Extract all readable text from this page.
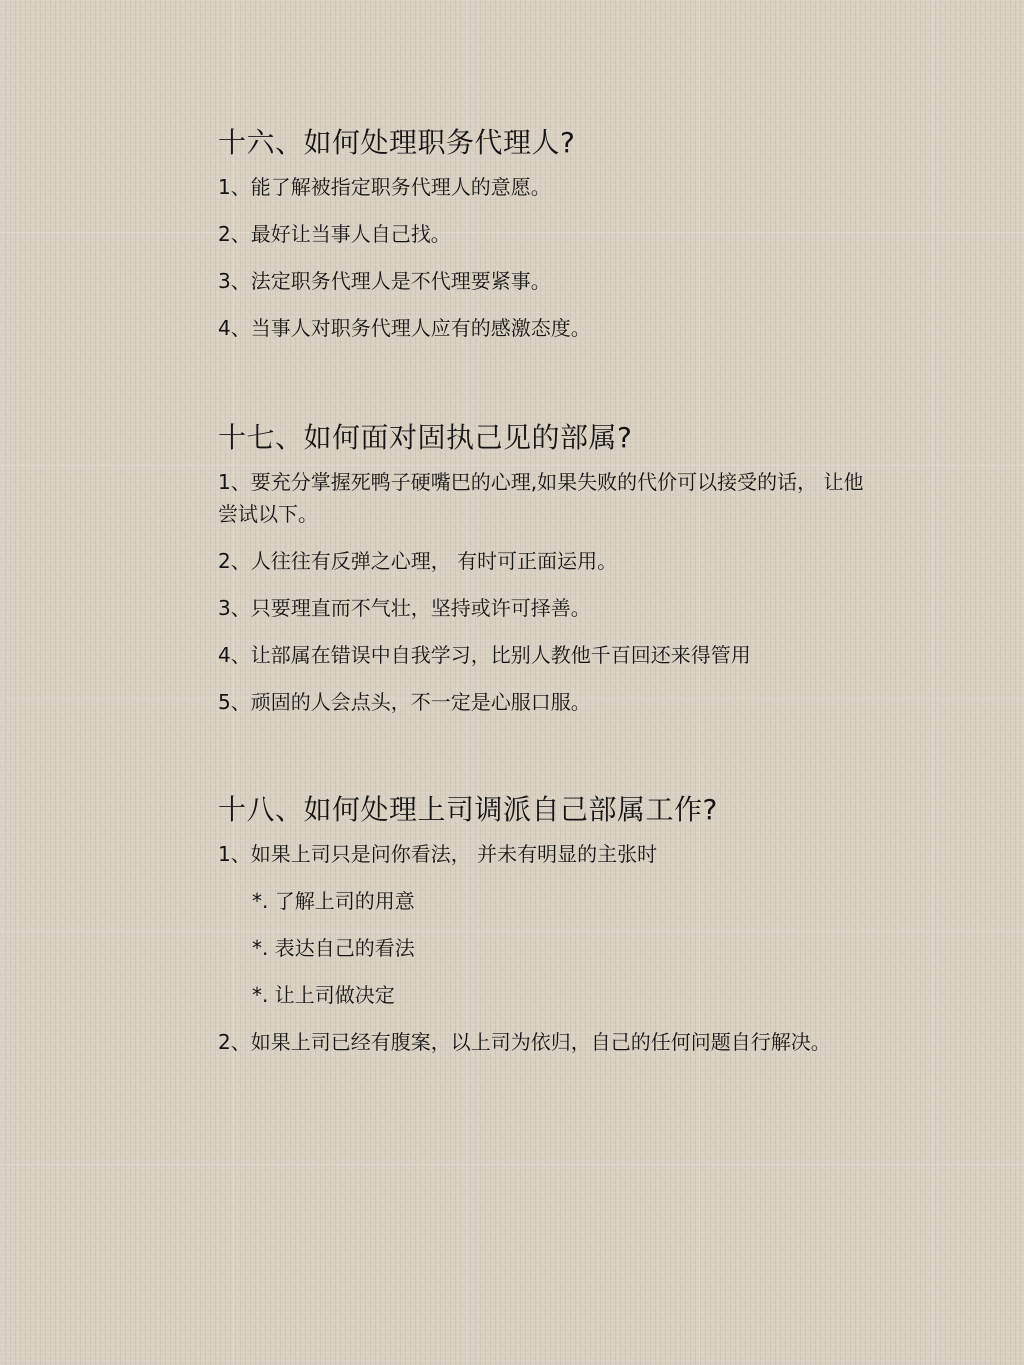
十六、如何处理职务代理人?

1、能了解被指定职务代理人的意愿。

2、最好让当事人自己找。

3、法定职务代理人是不代理要紧事。

4、当事人对职务代理人应有的感激态度。

十七、如何面对固执己见的部属?

1、要充分掌握死鸭子硬嘴巴的心理,如果失败的代价可以接受的话， 让他尝试以下。

2、人往往有反弹之心理， 有时可正面运用。

3、只要理直而不气壮，坚持或许可择善。

4、让部属在错误中自我学习，比别人教他千百回还来得管用

5、顽固的人会点头，不一定是心服口服。

十八、如何处理上司调派自己部属工作?

1、如果上司只是问你看法， 并未有明显的主张时

*. 了解上司的用意

*. 表达自己的看法

*. 让上司做决定

2、如果上司已经有腹案，以上司为依归，自己的任何问题自行解决。
